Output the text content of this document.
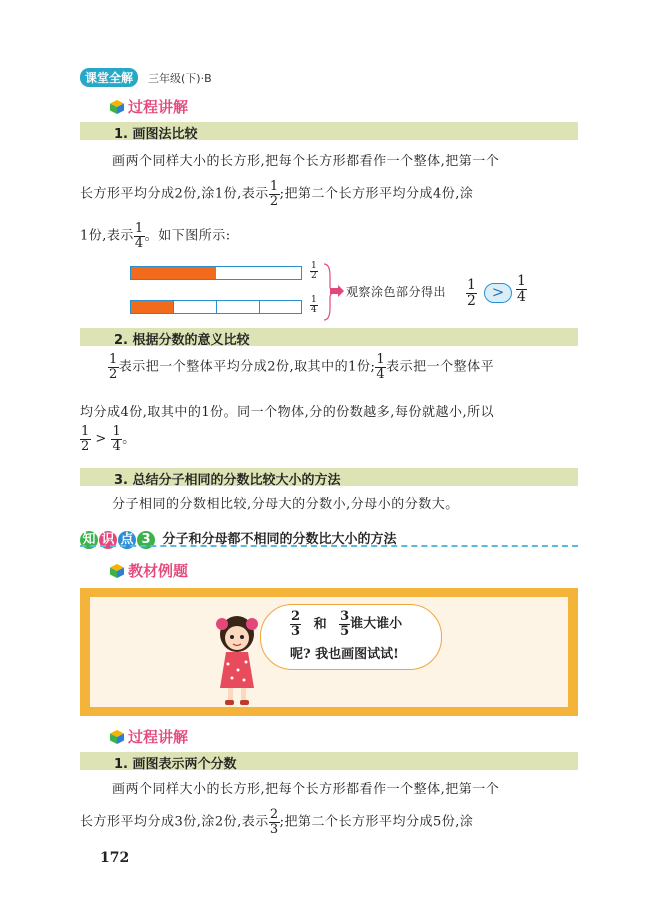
课堂全解	三年级(下)·B
过程讲解
1. 画图法比较
画两个同样大小的长方形,把每个长方形都看作一个整体,把第一个
长方形平均分成2份,涂1份,表示 $\frac{1}{2}$ ;把第二个长方形平均分成4份,涂
1份,表示 $\frac{1}{4}$ 。如下图所示:
$\frac{1}{2}$
$\frac{1}{4}$
观察涂色部分得出 $\frac{1}{2} > \frac{1}{4}$
2. 根据分数的意义比较
$\frac{1}{2}$ 表示把一个整体平均分成2份,取其中的1份; $\frac{1}{4}$ 表示把一个整体平
均分成4份,取其中的1份。同一个物体,分的份数越多,每份就越小,所以
$\frac{1}{2} > \frac{1}{4}$ 。
3. 总结分子相同的分数比较大小的方法
分子相同的分数相比较,分母大的分数小,分母小的分数大。
知 识 点 3 分子和分母都不相同的分数比大小的方法
教材例题
$\frac{2}{3}$ 和 $\frac{3}{5}$ 谁大谁小
呢? 我也画图试试!
过程讲解
1. 画图表示两个分数
画两个同样大小的长方形,把每个长方形都看作一个整体,把第一个
长方形平均分成3份,涂2份,表示 $\frac{2}{3}$ ;把第二个长方形平均分成5份,涂
172
